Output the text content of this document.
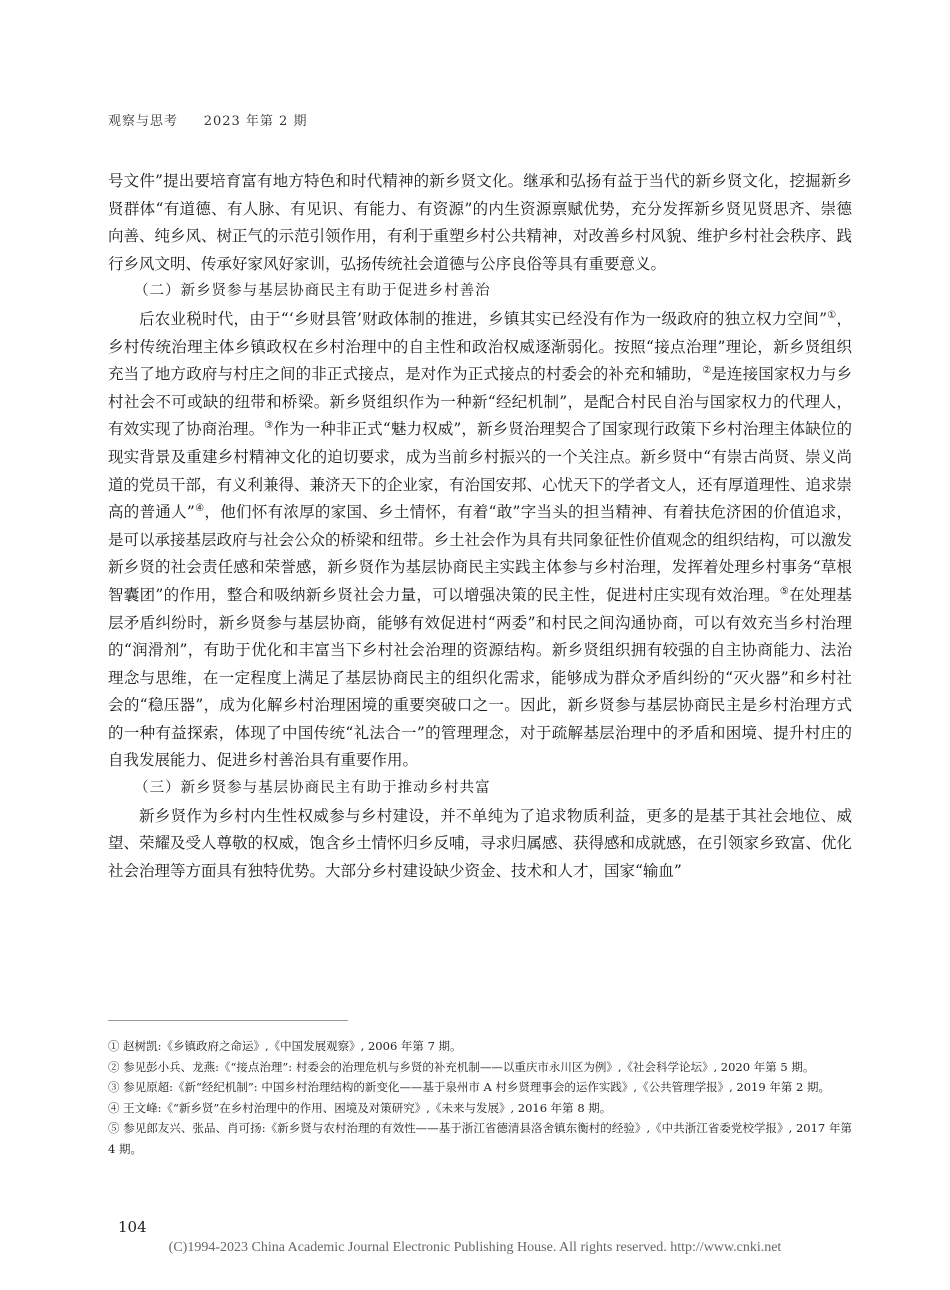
观察与思考 2023 年第 2 期

号文件”提出要培育富有地方特色和时代精神的新乡贤文化。继承和弘扬有益于当代的新乡贤文化，挖掘新乡贤群体“有道德、有人脉、有见识、有能力、有资源”的内生资源禀赋优势，充分发挥新乡贤见贤思齐、崇德向善、纯乡风、树正气的示范引领作用，有利于重塑乡村公共精神，对改善乡村风貌、维护乡村社会秩序、践行乡风文明、传承好家风好家训，弘扬传统社会道德与公序良俗等具有重要意义。

（二）新乡贤参与基层协商民主有助于促进乡村善治

后农业税时代，由于“‘乡财县管’财政体制的推进，乡镇其实已经没有作为一级政府的独立权力空间”①，乡村传统治理主体乡镇政权在乡村治理中的自主性和政治权威逐渐弱化。按照“接点治理”理论，新乡贤组织充当了地方政府与村庄之间的非正式接点，是对作为正式接点的村委会的补充和辅助，②是连接国家权力与乡村社会不可或缺的纽带和桥梁。新乡贤组织作为一种新“经纪机制”，是配合村民自治与国家权力的代理人，有效实现了协商治理。③作为一种非正式“魅力权威”，新乡贤治理契合了国家现行政策下乡村治理主体缺位的现实背景及重建乡村精神文化的迫切要求，成为当前乡村振兴的一个关注点。新乡贤中“有崇古尚贤、崇义尚道的党员干部，有义利兼得、兼济天下的企业家，有治国安邦、心忧天下的学者文人，还有厚道理性、追求崇高的普通人”④，他们怀有浓厚的家国、乡土情怀，有着“敢”字当头的担当精神、有着扶危济困的价值追求，是可以承接基层政府与社会公众的桥梁和纽带。乡土社会作为具有共同象征性价值观念的组织结构，可以激发新乡贤的社会责任感和荣誉感，新乡贤作为基层协商民主实践主体参与乡村治理，发挥着处理乡村事务“草根智囊团”的作用，整合和吸纳新乡贤社会力量，可以增强决策的民主性，促进村庄实现有效治理。⑤在处理基层矛盾纠纷时，新乡贤参与基层协商，能够有效促进村“两委”和村民之间沟通协商，可以有效充当乡村治理的“润滑剂”，有助于优化和丰富当下乡村社会治理的资源结构。新乡贤组织拥有较强的自主协商能力、法治理念与思维，在一定程度上满足了基层协商民主的组织化需求，能够成为群众矛盾纠纷的“灭火器”和乡村社会的“稳压器”，成为化解乡村治理困境的重要突破口之一。因此，新乡贤参与基层协商民主是乡村治理方式的一种有益探索，体现了中国传统“礼法合一”的管理理念，对于疏解基层治理中的矛盾和困境、提升村庄的自我发展能力、促进乡村善治具有重要作用。

（三）新乡贤参与基层协商民主有助于推动乡村共富

新乡贤作为乡村内生性权威参与乡村建设，并不单纯为了追求物质利益，更多的是基于其社会地位、威望、荣耀及受人尊敬的权威，饱含乡土情怀归乡反哺，寻求归属感、获得感和成就感，在引领家乡致富、优化社会治理等方面具有独特优势。大部分乡村建设缺少资金、技术和人才，国家“输血”

① 赵树凯:《乡镇政府之命运》,《中国发展观察》, 2006 年第 7 期。

② 参见彭小兵、龙燕:《“接点治理”: 村委会的治理危机与乡贤的补充机制——以重庆市永川区为例》,《社会科学论坛》, 2020 年第 5 期。

③ 参见原超:《新“经纪机制”: 中国乡村治理结构的新变化——基于泉州市 A 村乡贤理事会的运作实践》,《公共管理学报》, 2019 年第 2 期。

④ 王文峰:《“新乡贤”在乡村治理中的作用、困境及对策研究》,《未来与发展》, 2016 年第 8 期。

⑤ 参见郎友兴、张品、肖可扬:《新乡贤与农村治理的有效性——基于浙江省德清县洛舍镇东衡村的经验》,《中共浙江省委党校学报》, 2017 年第 4 期。

104
(C)1994-2023 China Academic Journal Electronic Publishing House. All rights reserved. http://www.cnki.net
